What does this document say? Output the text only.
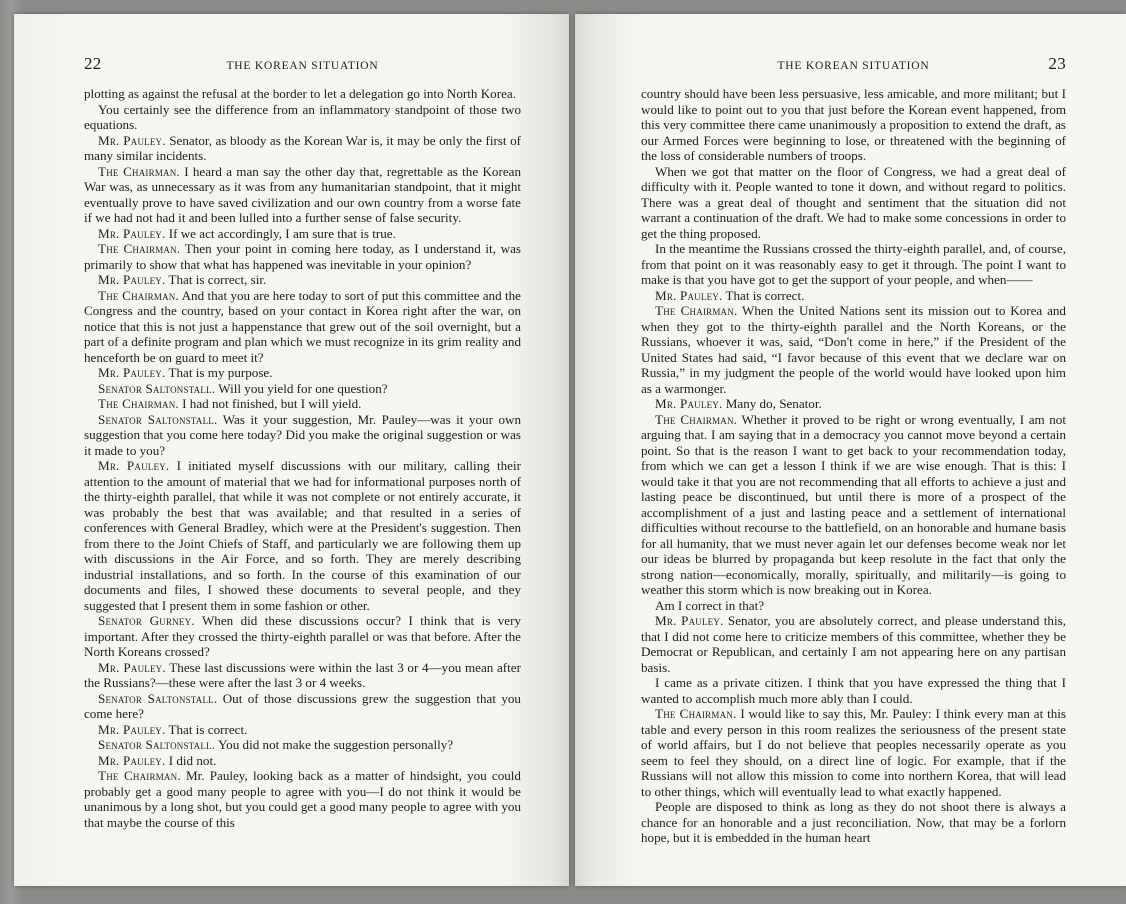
22	THE KOREAN SITUATION

plotting as against the refusal at the border to let a delegation go into North Korea.

You certainly see the difference from an inflammatory standpoint of those two equations.

Mr. Pauley. Senator, as bloody as the Korean War is, it may be only the first of many similar incidents.

The Chairman. I heard a man say the other day that, regrettable as the Korean War was, as unnecessary as it was from any humanitarian standpoint, that it might eventually prove to have saved civilization and our own country from a worse fate if we had not had it and been lulled into a further sense of false security.

Mr. Pauley. If we act accordingly, I am sure that is true.

The Chairman. Then your point in coming here today, as I understand it, was primarily to show that what has happened was inevitable in your opinion?

Mr. Pauley. That is correct, sir.

The Chairman. And that you are here today to sort of put this committee and the Congress and the country, based on your contact in Korea right after the war, on notice that this is not just a happenstance that grew out of the soil overnight, but a part of a definite program and plan which we must recognize in its grim reality and henceforth be on guard to meet it?

Mr. Pauley. That is my purpose.

Senator Saltonstall. Will you yield for one question?

The Chairman. I had not finished, but I will yield.

Senator Saltonstall. Was it your suggestion, Mr. Pauley—was it your own suggestion that you come here today? Did you make the original suggestion or was it made to you?

Mr. Pauley. I initiated myself discussions with our military, calling their attention to the amount of material that we had for informational purposes north of the thirty-eighth parallel, that while it was not complete or not entirely accurate, it was probably the best that was available; and that resulted in a series of conferences with General Bradley, which were at the President's suggestion. Then from there to the Joint Chiefs of Staff, and particularly we are following them up with discussions in the Air Force, and so forth. They are merely describing industrial installations, and so forth. In the course of this examination of our documents and files, I showed these documents to several people, and they suggested that I present them in some fashion or other.

Senator Gurney. When did these discussions occur? I think that is very important. After they crossed the thirty-eighth parallel or was that before. After the North Koreans crossed?

Mr. Pauley. These last discussions were within the last 3 or 4—you mean after the Russians?—these were after the last 3 or 4 weeks.

Senator Saltonstall. Out of those discussions grew the suggestion that you come here?

Mr. Pauley. That is correct.

Senator Saltonstall. You did not make the suggestion personally?

Mr. Pauley. I did not.

The Chairman. Mr. Pauley, looking back as a matter of hindsight, you could probably get a good many people to agree with you—I do not think it would be unanimous by a long shot, but you could get a good many people to agree with you that maybe the course of this

THE KOREAN SITUATION	23

country should have been less persuasive, less amicable, and more militant; but I would like to point out to you that just before the Korean event happened, from this very committee there came unanimously a proposition to extend the draft, as our Armed Forces were beginning to lose, or threatened with the beginning of the loss of considerable numbers of troops.

When we got that matter on the floor of Congress, we had a great deal of difficulty with it. People wanted to tone it down, and without regard to politics. There was a great deal of thought and sentiment that the situation did not warrant a continuation of the draft. We had to make some concessions in order to get the thing proposed.

In the meantime the Russians crossed the thirty-eighth parallel, and, of course, from that point on it was reasonably easy to get it through. The point I want to make is that you have got to get the support of your people, and when——

Mr. Pauley. That is correct.

The Chairman. When the United Nations sent its mission out to Korea and when they got to the thirty-eighth parallel and the North Koreans, or the Russians, whoever it was, said, “Don't come in here,” if the President of the United States had said, “I favor because of this event that we declare war on Russia,” in my judgment the people of the world would have looked upon him as a warmonger.

Mr. Pauley. Many do, Senator.

The Chairman. Whether it proved to be right or wrong eventually, I am not arguing that. I am saying that in a democracy you cannot move beyond a certain point. So that is the reason I want to get back to your recommendation today, from which we can get a lesson I think if we are wise enough. That is this: I would take it that you are not recommending that all efforts to achieve a just and lasting peace be discontinued, but until there is more of a prospect of the accomplishment of a just and lasting peace and a settlement of international difficulties without recourse to the battlefield, on an honorable and humane basis for all humanity, that we must never again let our defenses become weak nor let our ideas be blurred by propaganda but keep resolute in the fact that only the strong nation—economically, morally, spiritually, and militarily—is going to weather this storm which is now breaking out in Korea.

Am I correct in that?

Mr. Pauley. Senator, you are absolutely correct, and please understand this, that I did not come here to criticize members of this committee, whether they be Democrat or Republican, and certainly I am not appearing here on any partisan basis.

I came as a private citizen. I think that you have expressed the thing that I wanted to accomplish much more ably than I could.

The Chairman. I would like to say this, Mr. Pauley: I think every man at this table and every person in this room realizes the seriousness of the present state of world affairs, but I do not believe that peoples necessarily operate as you seem to feel they should, on a direct line of logic. For example, that if the Russians will not allow this mission to come into northern Korea, that will lead to other things, which will eventually lead to what exactly happened.

People are disposed to think as long as they do not shoot there is always a chance for an honorable and a just reconciliation. Now, that may be a forlorn hope, but it is embedded in the human heart
